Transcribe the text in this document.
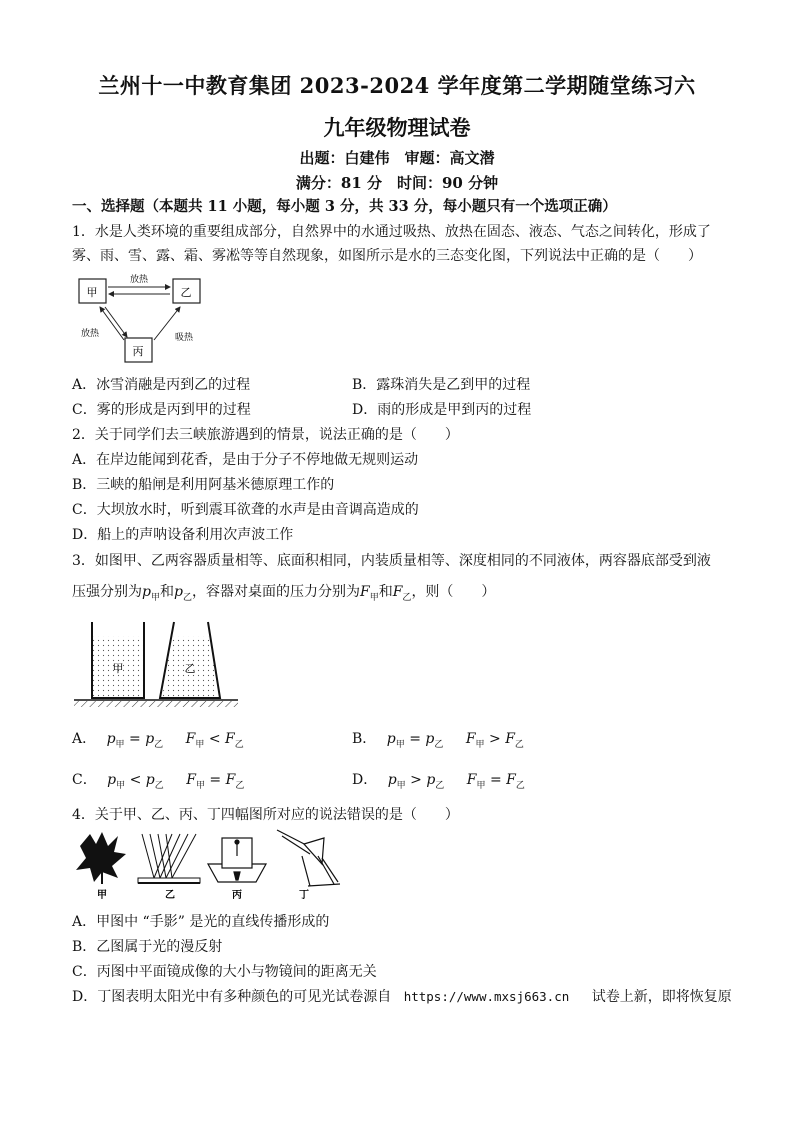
兰州十一中教育集团 2023-2024 学年度第二学期随堂练习六
九年级物理试卷
出题：白建伟　审题：高文潜
满分：81 分　时间：90 分钟
一、选择题（本题共 11 小题，每小题 3 分，共 33 分，每小题只有一个选项正确）
1．水是人类环境的重要组成部分，自然界中的水通过吸热、放热在固态、液态、气态之间转化，形成了
雾、雨、雪、露、霜、雾凇等等自然现象，如图所示是水的三态变化图，下列说法中正确的是（　　）
甲	乙
丙
放热
放热	吸热
A．冰雪消融是丙到乙的过程	B．露珠消失是乙到甲的过程
C．雾的形成是丙到甲的过程	D．雨的形成是甲到丙的过程
2．关于同学们去三峡旅游遇到的情景，说法正确的是（　　）
A．在岸边能闻到花香，是由于分子不停地做无规则运动
B．三峡的船闸是利用阿基米德原理工作的
C．大坝放水时，听到震耳欲聋的水声是由音调高造成的
D．船上的声呐设备利用次声波工作
3．如图甲、乙两容器质量相等、底面积相同，内装质量相等、深度相同的不同液体，两容器底部受到液
压强分别为$p_甲$和$p_乙$，容器对桌面的压力分别为$F_甲$和$F_乙$，则（　　）
甲	乙
A． $p_甲 = p_乙$ $F_甲 < F_乙$	B． $p_甲 = p_乙$ $F_甲 > F_乙$
C． $p_甲 < p_乙$ $F_甲 = F_乙$	D． $p_甲 > p_乙$ $F_甲 = F_乙$
4．关于甲、乙、丙、丁四幅图所对应的说法错误的是（　　）
甲	乙	丙	丁
A．甲图中 “手影” 是光的直线传播形成的
B．乙图属于光的漫反射
C．丙图中平面镜成像的大小与物镜间的距离无关
D．丁图表明太阳光中有多种颜色的可见光试卷源自 https://www.mxsj663.cn 试卷上新，即将恢复原
